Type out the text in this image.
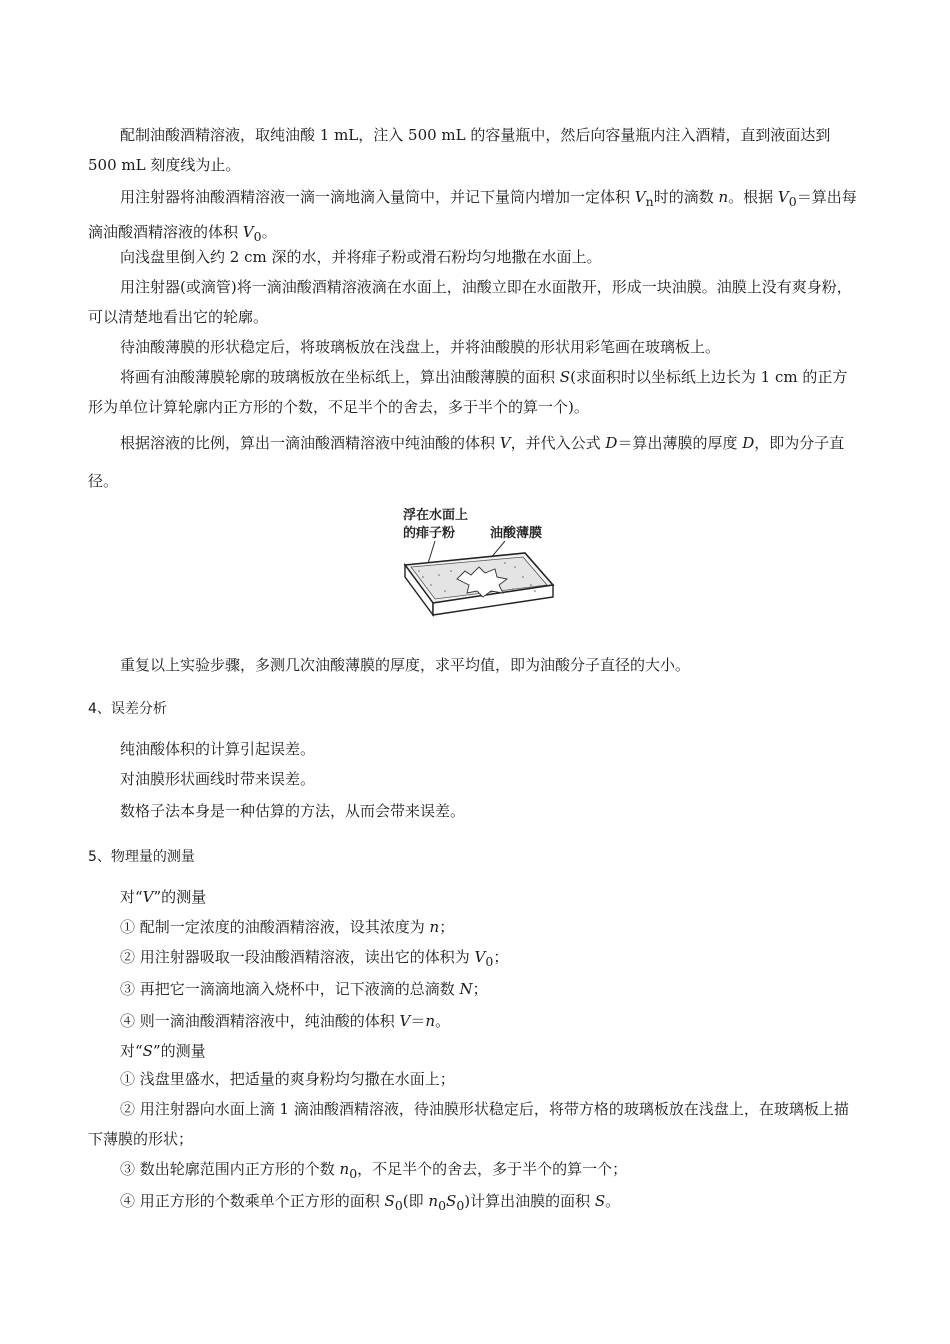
配制油酸酒精溶液，取纯油酸 1 mL，注入 500 mL 的容量瓶中，然后向容量瓶内注入酒精，直到液面达到 500 mL 刻度线为止。
用注射器将油酸酒精溶液一滴一滴地滴入量筒中，并记下量筒内增加一定体积 $V_n$时的滴数 n。根据 $V_0=$算出每滴油酸酒精溶液的体积 $V_0$。
向浅盘里倒入约 2 cm 深的水，并将痱子粉或滑石粉均匀地撒在水面上。
用注射器(或滴管)将一滴油酸酒精溶液滴在水面上，油酸立即在水面散开，形成一块油膜。油膜上没有爽身粉，可以清楚地看出它的轮廓。
待油酸薄膜的形状稳定后，将玻璃板放在浅盘上，并将油酸膜的形状用彩笔画在玻璃板上。
将画有油酸薄膜轮廓的玻璃板放在坐标纸上，算出油酸薄膜的面积 S(求面积时以坐标纸上边长为 1 cm 的正方形为单位计算轮廓内正方形的个数，不足半个的舍去，多于半个的算一个)。
根据溶液的比例，算出一滴油酸酒精溶液中纯油酸的体积 V，并代入公式 D＝算出薄膜的厚度 D，即为分子直径。
浮在水面上
的痱子粉	油酸薄膜
重复以上实验步骤，多测几次油酸薄膜的厚度，求平均值，即为油酸分子直径的大小。
4、误差分析
纯油酸体积的计算引起误差。
对油膜形状画线时带来误差。
数格子法本身是一种估算的方法，从而会带来误差。
5、物理量的测量
对“V”的测量
① 配制一定浓度的油酸酒精溶液，设其浓度为 n；
② 用注射器吸取一段油酸酒精溶液，读出它的体积为 $V_0$；
③ 再把它一滴滴地滴入烧杯中，记下液滴的总滴数 N；
④ 则一滴油酸酒精溶液中，纯油酸的体积 V＝n。
对“S”的测量
① 浅盘里盛水，把适量的爽身粉均匀撒在水面上；
② 用注射器向水面上滴 1 滴油酸酒精溶液，待油膜形状稳定后，将带方格的玻璃板放在浅盘上，在玻璃板上描下薄膜的形状；
③ 数出轮廓范围内正方形的个数 $n_0$，不足半个的舍去，多于半个的算一个；
④ 用正方形的个数乘单个正方形的面积 $S_0$(即 $n_0S_0$)计算出油膜的面积 S。
